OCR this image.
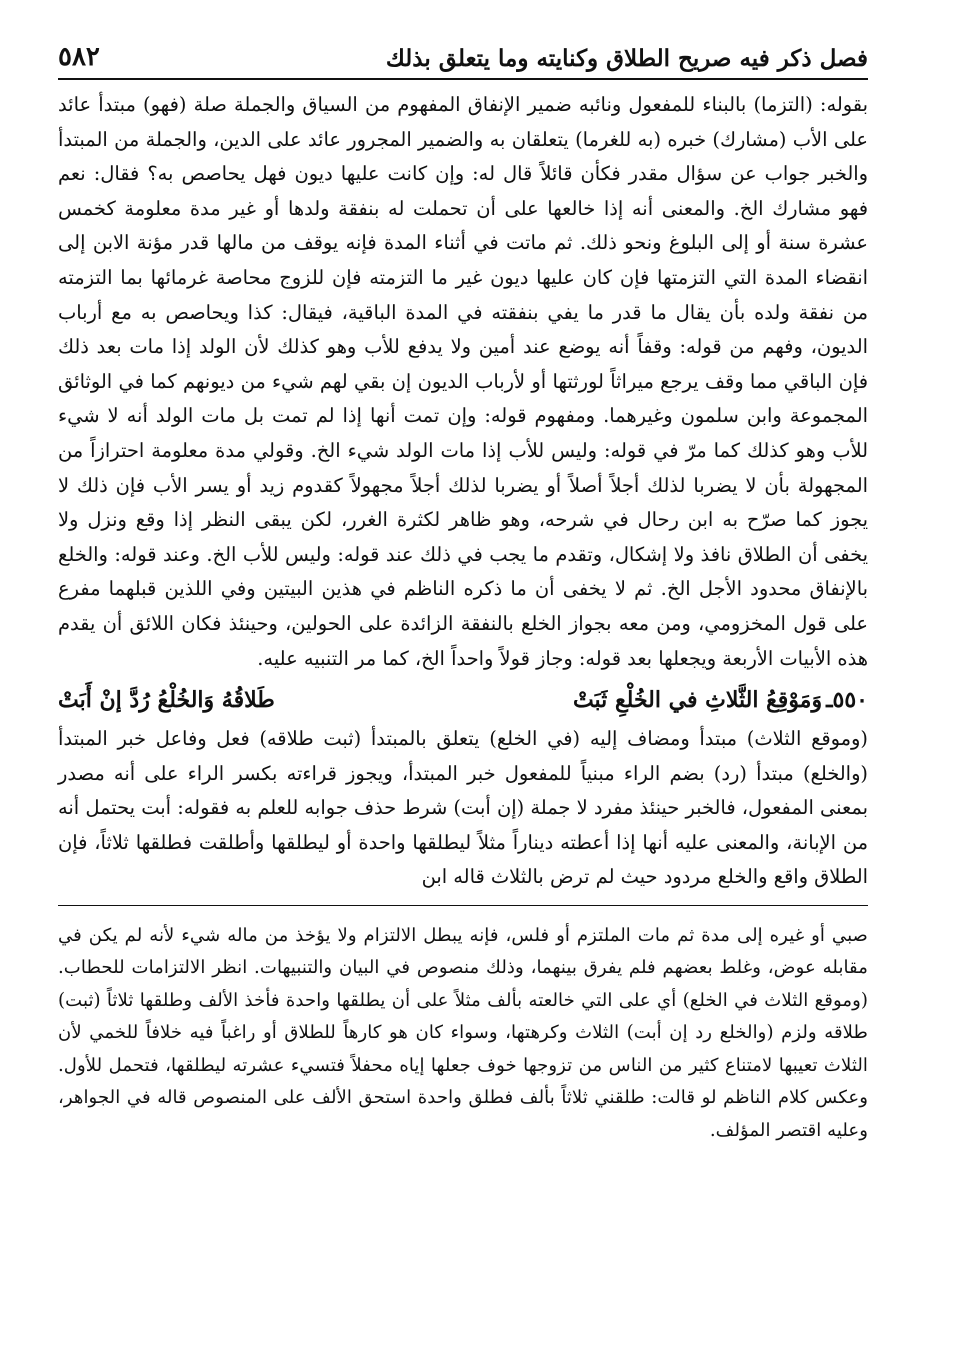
٥٨٢	فصل ذكر فيه صريح الطلاق وكنايته وما يتعلق بذلك

بقوله: (التزما) بالبناء للمفعول ونائبه ضمير الإنفاق المفهوم من السياق والجملة صلة (فهو) مبتدأ عائد على الأب (مشارك) خبره (به للغرما) يتعلقان به والضمير المجرور عائد على الدين، والجملة من المبتدأ والخبر جواب عن سؤال مقدر فكأن قائلاً قال له: وإن كانت عليها ديون فهل يحاصص به؟ فقال: نعم فهو مشارك الخ. والمعنى أنه إذا خالعها على أن تحملت له بنفقة ولدها أو غير مدة معلومة كخمس عشرة سنة أو إلى البلوغ ونحو ذلك. ثم ماتت في أثناء المدة فإنه يوقف من مالها قدر مؤنة الابن إلى انقضاء المدة التي التزمتها فإن كان عليها ديون غير ما التزمته فإن للزوج محاصة غرمائها بما التزمته من نفقة ولده بأن يقال ما قدر ما يفي بنفقته في المدة الباقية، فيقال: كذا ويحاصص به مع أرباب الديون، وفهم من قوله: وقفاً أنه يوضع عند أمين ولا يدفع للأب وهو كذلك لأن الولد إذا مات بعد ذلك فإن الباقي مما وقف يرجع ميراثاً لورثتها أو لأرباب الديون إن بقي لهم شيء من ديونهم كما في الوثائق المجموعة وابن سلمون وغيرهما. ومفهوم قوله: وإن تمت أنها إذا لم تمت بل مات الولد أنه لا شيء للأب وهو كذلك كما مرّ في قوله: وليس للأب إذا مات الولد شيء الخ. وقولي مدة معلومة احترازاً من المجهولة بأن لا يضربا لذلك أجلاً أصلاً أو يضربا لذلك أجلاً مجهولاً كقدوم زيد أو يسر الأب فإن ذلك لا يجوز كما صرّح به ابن رحال في شرحه، وهو ظاهر لكثرة الغرر، لكن يبقى النظر إذا وقع ونزل ولا يخفى أن الطلاق نافذ ولا إشكال، وتقدم ما يجب في ذلك عند قوله: وليس للأب الخ. وعند قوله: والخلع بالإنفاق محدود الأجل الخ. ثم لا يخفى أن ما ذكره الناظم في هذين البيتين وفي اللذين قبلهما مفرع على قول المخزومي، ومن معه بجواز الخلع بالنفقة الزائدة على الحولين، وحينئذ فكان اللائق أن يقدم هذه الأبيات الأربعة ويجعلها بعد قوله: وجاز قولاً واحداً الخ، كما مر التنبيه عليه.

٥٥٠ـ
وَمَوْقِعُ الثَّلاثِ في الخُلْعِ ثَبَتْ
طَلاقُهُ وَالخُلْعُ رُدَّ إنْ أَبَتْ

(وموقع الثلاث) مبتدأ ومضاف إليه (في الخلع) يتعلق بالمبتدأ (ثبت طلاقه) فعل وفاعل خبر المبتدأ (والخلع) مبتدأ (رد) بضم الراء مبنياً للمفعول خبر المبتدأ، ويجوز قراءته بكسر الراء على أنه مصدر بمعنى المفعول، فالخبر حينئذ مفرد لا جملة (إن أبت) شرط حذف جوابه للعلم به فقوله: أبت يحتمل أنه من الإبانة، والمعنى عليه أنها إذا أعطته ديناراً مثلاً ليطلقها واحدة أو ليطلقها وأطلقت فطلقها ثلاثاً، فإن الطلاق واقع والخلع مردود حيث لم ترض بالثلاث قاله ابن

صبي أو غيره إلى مدة ثم مات الملتزم أو فلس، فإنه يبطل الالتزام ولا يؤخذ من ماله شيء لأنه لم يكن في مقابله عوض، وغلط بعضهم فلم يفرق بينهما، وذلك منصوص في البيان والتنبيهات. انظر الالتزامات للحطاب. (وموقع الثلاث في الخلع) أي على التي خالعته بألف مثلاً على أن يطلقها واحدة فأخذ الألف وطلقها ثلاثاً (ثبت) طلاقه ولزم (والخلع رد إن أبت) الثلاث وكرهتها، وسواء كان هو كارهاً للطلاق أو راغباً فيه خلافاً للخمي لأن الثلاث تعيبها لامتناع كثير من الناس من تزوجها خوف جعلها إياه محفلاً فتسيء عشرته ليطلقها، فتحمل للأول. وعكس كلام الناظم لو قالت: طلقني ثلاثاً بألف فطلق واحدة استحق الألف على المنصوص قاله في الجواهر، وعليه اقتصر المؤلف.
